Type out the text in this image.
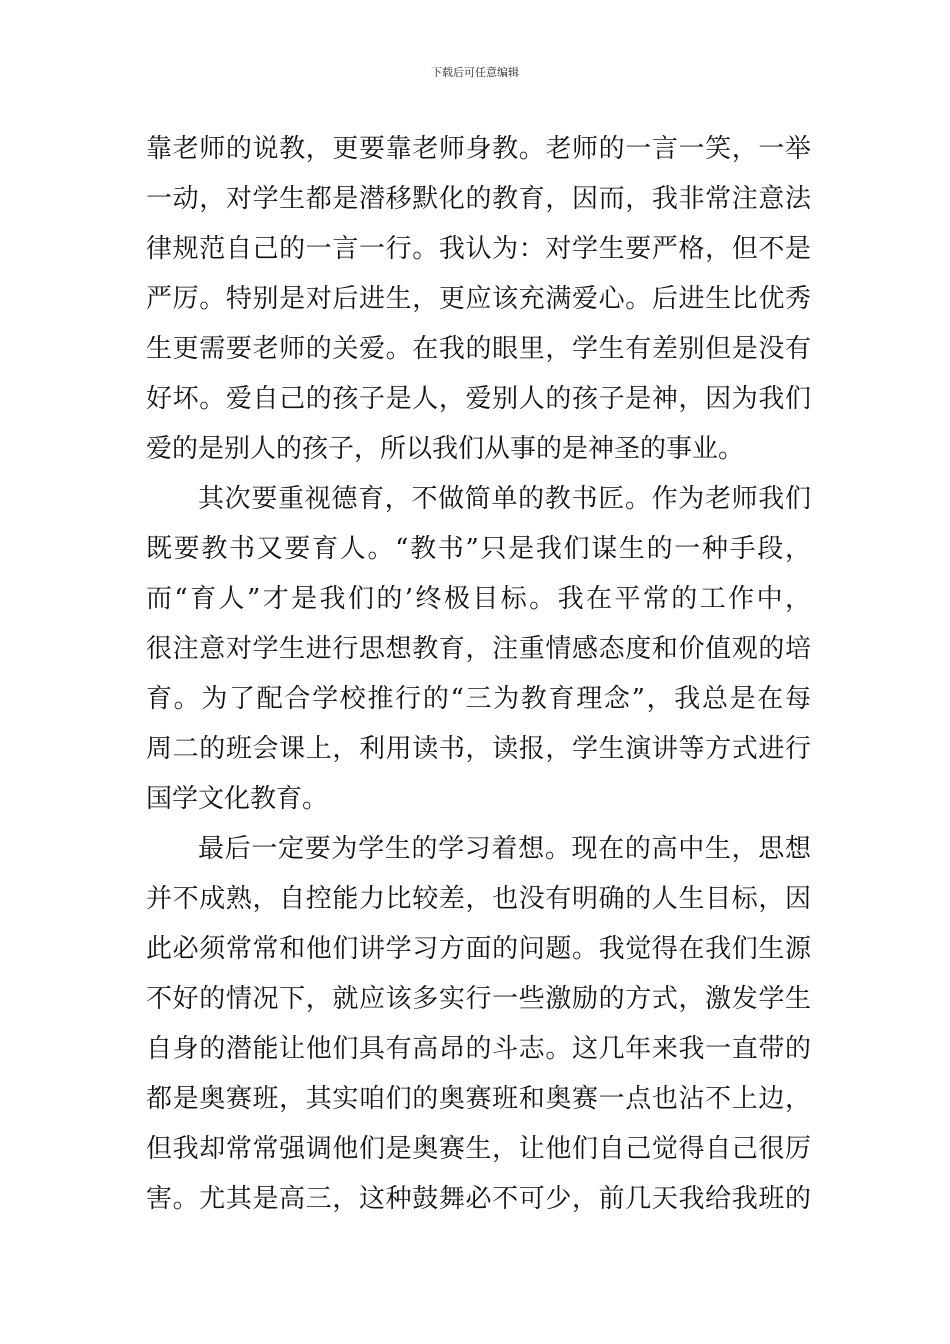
下载后可任意编辑
靠老师的说教，更要靠老师身教。老师的一言一笑，一举
一动，对学生都是潜移默化的教育，因而，我非常注意法
律规范自己的一言一行。我认为：对学生要严格，但不是
严厉。特别是对后进生，更应该充满爱心。后进生比优秀
生更需要老师的关爱。在我的眼里，学生有差别但是没有
好坏。爱自己的孩子是人，爱别人的孩子是神，因为我们
爱的是别人的孩子，所以我们从事的是神圣的事业。
其次要重视德育，不做简单的教书匠。作为老师我们
既要教书又要育人。“教书”只是我们谋生的一种手段，
而“育人”才是我们的’终极目标。我在平常的工作中，
很注意对学生进行思想教育，注重情感态度和价值观的培
育。为了配合学校推行的“三为教育理念”，我总是在每
周二的班会课上，利用读书，读报，学生演讲等方式进行
国学文化教育。
最后一定要为学生的学习着想。现在的高中生，思想
并不成熟，自控能力比较差，也没有明确的人生目标，因
此必须常常和他们讲学习方面的问题。我觉得在我们生源
不好的情况下，就应该多实行一些激励的方式，激发学生
自身的潜能让他们具有高昂的斗志。这几年来我一直带的
都是奥赛班，其实咱们的奥赛班和奥赛一点也沾不上边，
但我却常常强调他们是奥赛生，让他们自己觉得自己很厉
害。尤其是高三，这种鼓舞必不可少，前几天我给我班的
